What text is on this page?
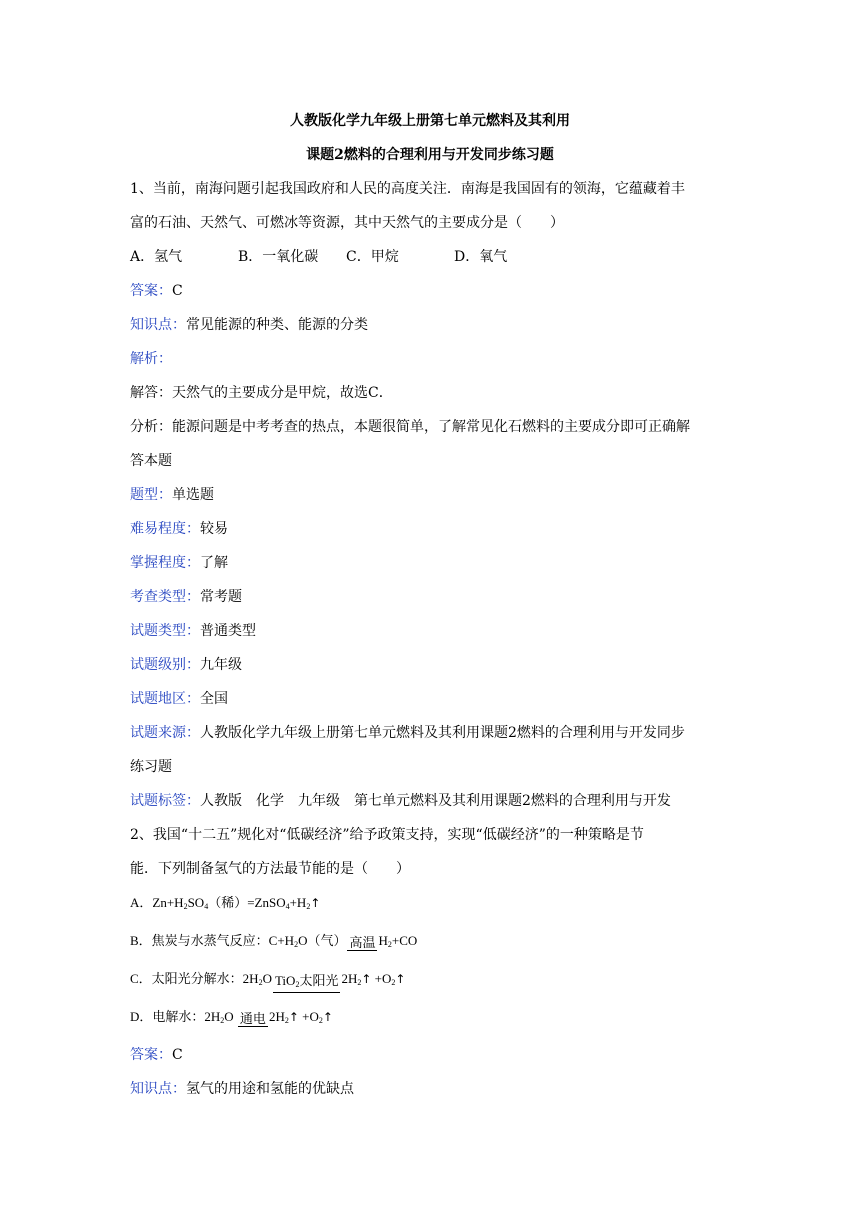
人教版化学九年级上册第七单元燃料及其利用
课题2燃料的合理利用与开发同步练习题
1、当前，南海问题引起我国政府和人民的高度关注．南海是我国固有的领海，它蕴藏着丰
富的石油、天然气、可燃冰等资源，其中天然气的主要成分是（　　）
A．氢气	B．一氧化碳 C．甲烷	D．氧气
答案：C
知识点：常见能源的种类、能源的分类
解析：
解答：天然气的主要成分是甲烷，故选C．
分析：能源问题是中考考查的热点，本题很简单，了解常见化石燃料的主要成分即可正确解
答本题
题型：单选题
难易程度：较易
掌握程度：了解
考查类型：常考题
试题类型：普通类型
试题级别：九年级
试题地区：全国
试题来源：人教版化学九年级上册第七单元燃料及其利用课题2燃料的合理利用与开发同步
练习题
试题标签：人教版　化学　九年级　第七单元燃料及其利用课题2燃料的合理利用与开发
2、我国“十二五”规化对“低碳经济”给予政策支持，实现“低碳经济”的一种策略是节
能．下列制备氢气的方法最节能的是（　　）
A．$Zn+H_2SO_4$（稀）$=ZnSO_4+H_2↑$
B．焦炭与水蒸气反应：$C+H_2O$（气） 高温 $H_2+CO$
C．太阳光分解水：$2H_2O$ TiO$_2$太阳光 $2H_2↑$ $+O_2↑$
D．电解水：$2H_2O$ 通电 $2H_2↑$ $+O_2↑$
答案：C
知识点：氢气的用途和氢能的优缺点
